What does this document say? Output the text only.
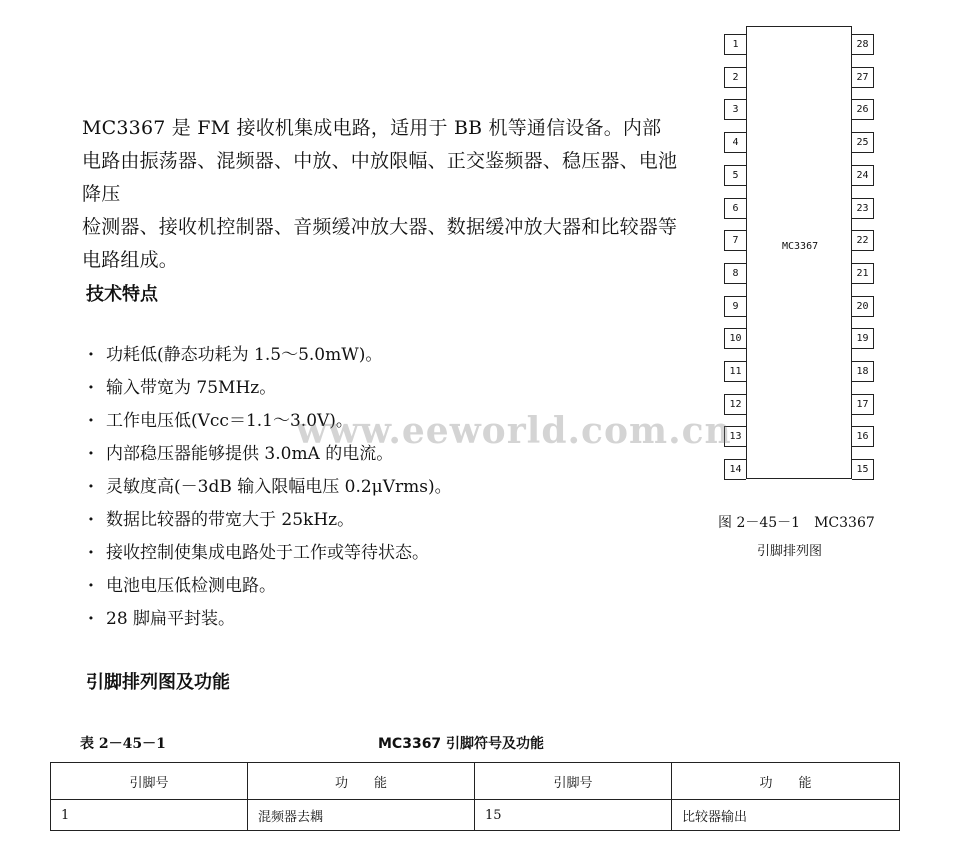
MC3367 是 FM 接收机集成电路，适用于 BB 机等通信设备。内部

电路由振荡器、混频器、中放、中放限幅、正交鉴频器、稳压器、电池降压

检测器、接收机控制器、音频缓冲放大器、数据缓冲放大器和比较器等

电路组成。

技术特点
· 功耗低(静态功耗为 1.5～5.0mW)。
· 输入带宽为 75MHz。
· 工作电压低(Vcc＝1.1～3.0V)。
· 内部稳压器能够提供 3.0mA 的电流。
· 灵敏度高(－3dB 输入限幅电压 0.2μVrms)。
· 数据比较器的带宽大于 25kHz。
· 接收控制使集成电路处于工作或等待状态。
· 电池电压低检测电路。
· 28 脚扁平封装。
MC3367
1
2
3
4
5
6
7
8
9
10
11
12
13
14
28
27
26
25
24
23
22
21
20
19
18
17
16
15
图 2－45－1　MC3367
引脚排列图
引脚排列图及功能
表 2－45－1	MC3367 引脚符号及功能
引脚号	功　　能	引脚号	功　　能
1	混频器去耦	15	比较器输出
www.eeworld.com.cn
